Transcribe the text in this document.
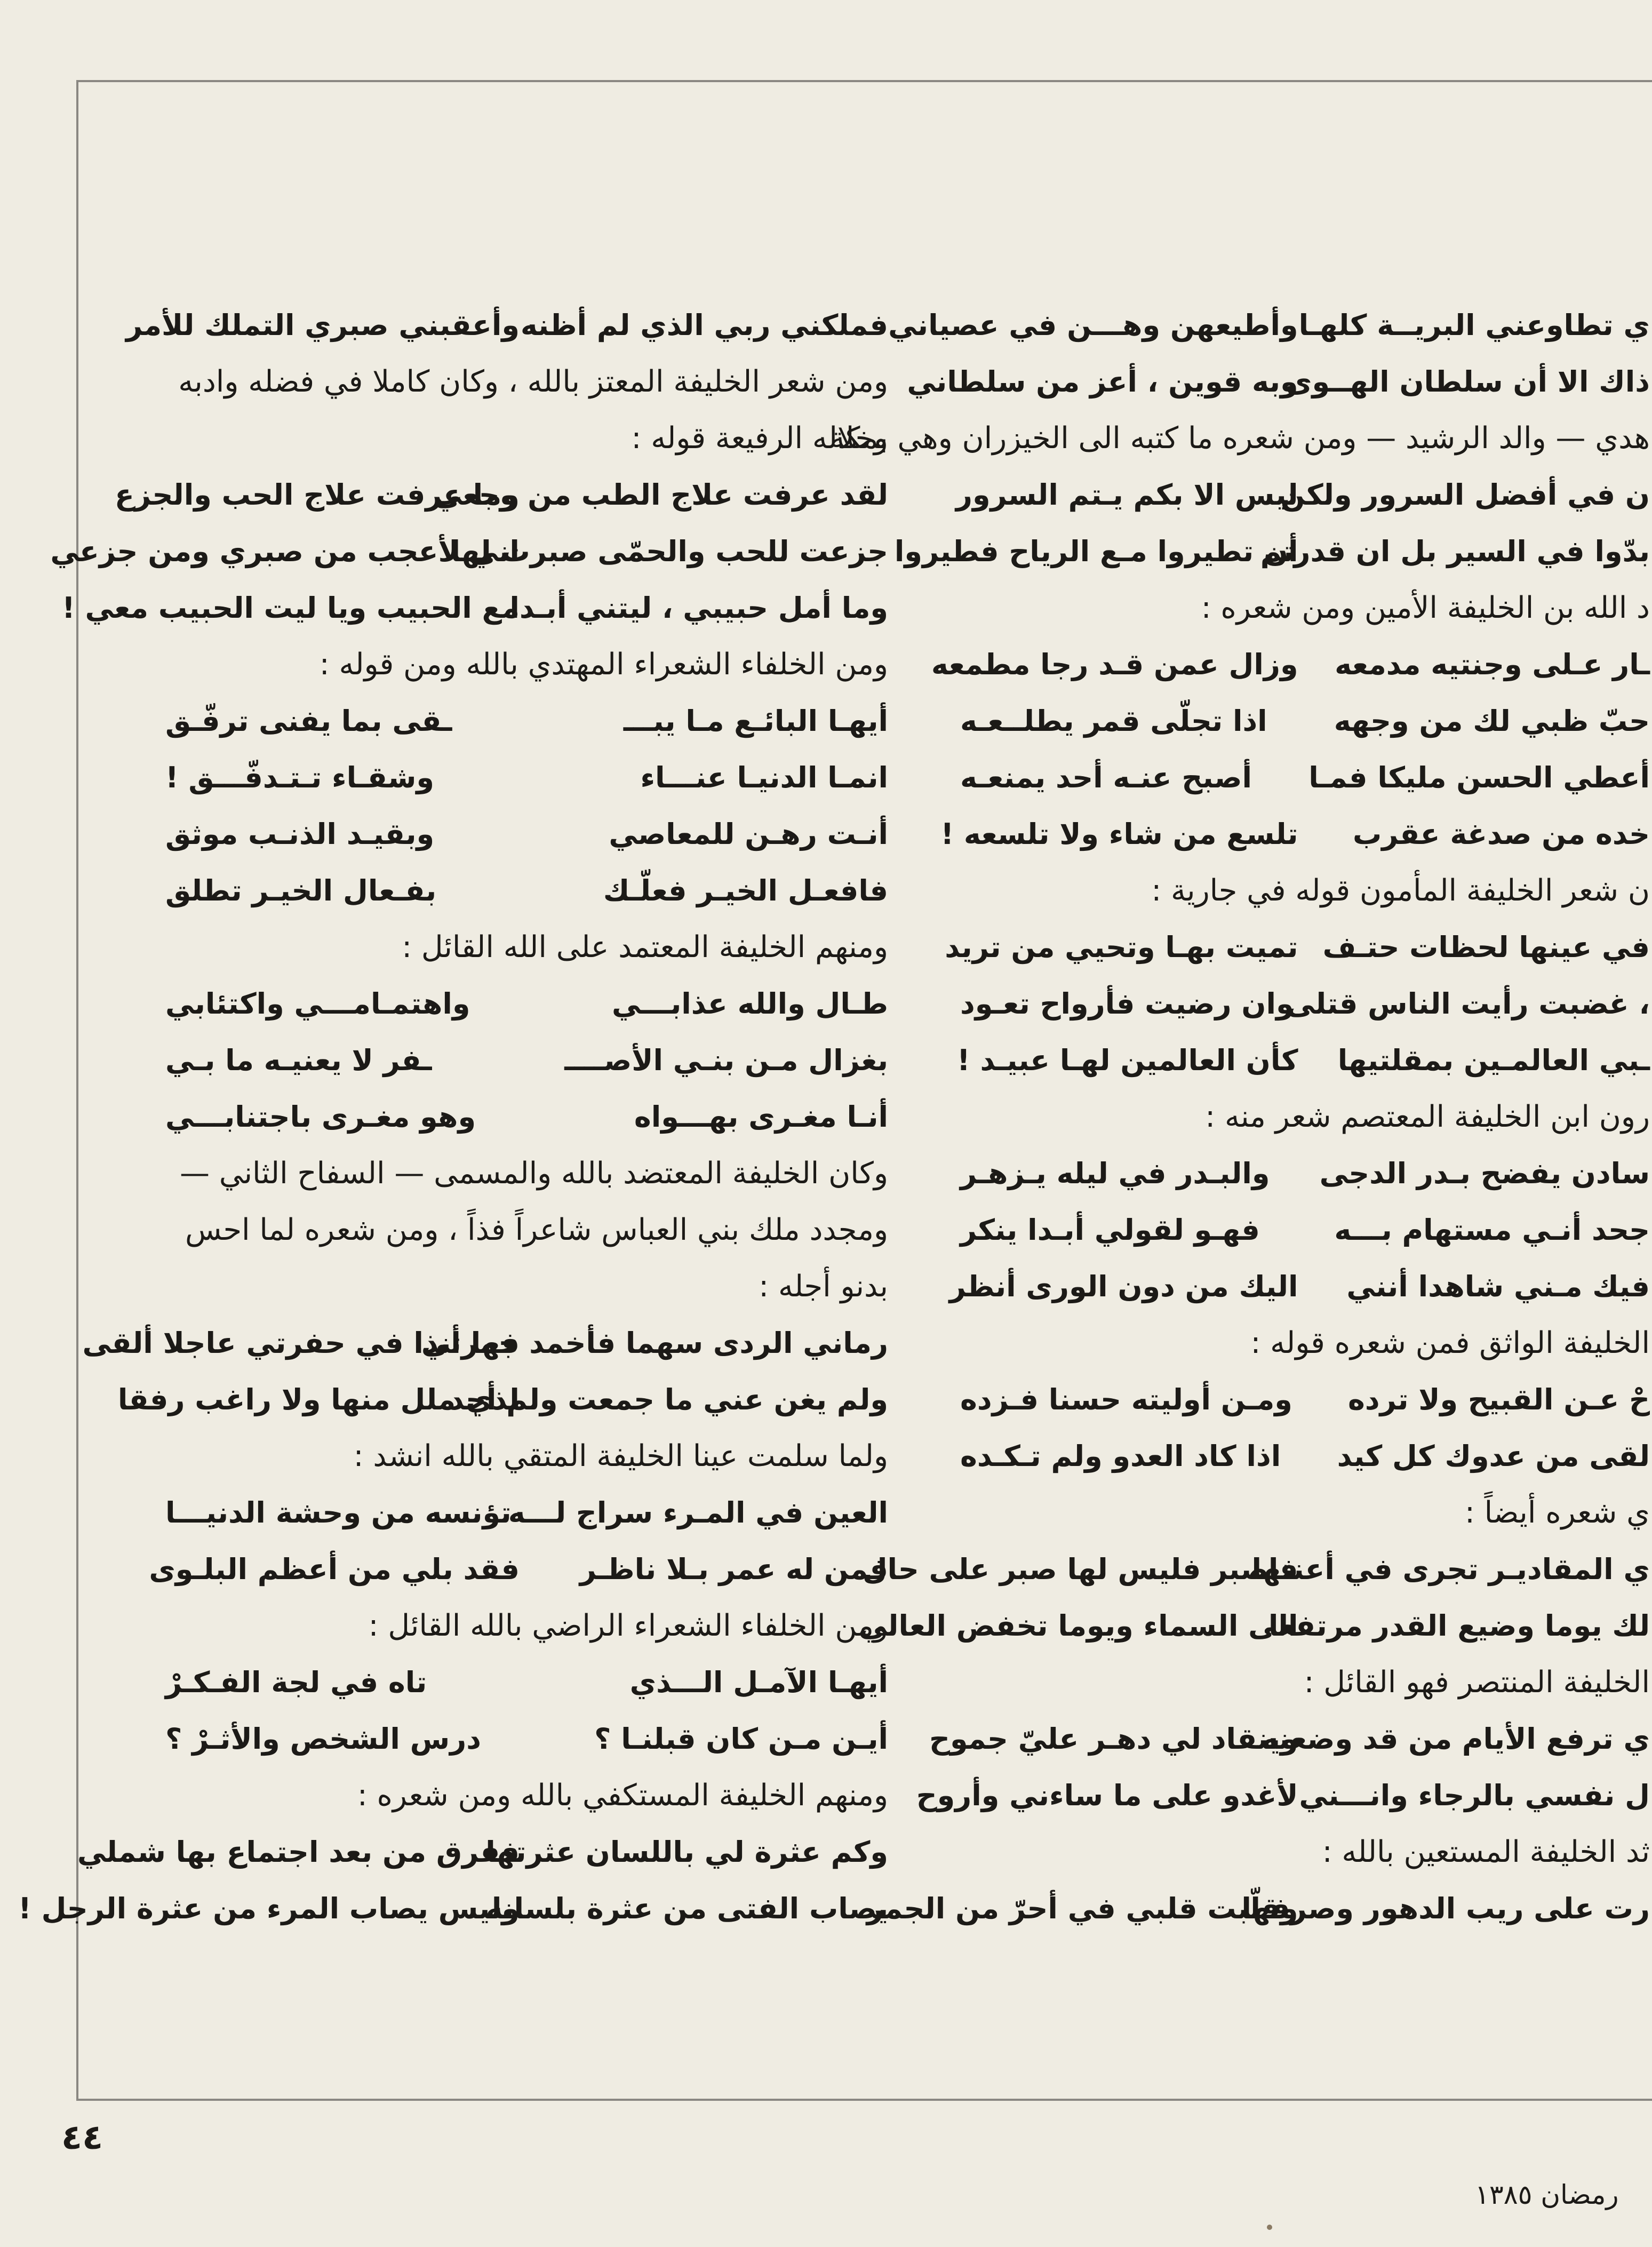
فملكني ربي الذي لم أظنه
وأعقبني صبري التملك للأمر
ومن شعر الخليفة المعتز بالله ، وكان كاملا في فضله وادبه
وخلاله الرفيعة قوله :
لقد عرفت علاج الطب من وجعي
وما عرفت علاج الحب والجزع
جزعت للحب والحمّى صبرت لها
اني لأعجب من صبري ومن جزعي
وما أمل حبيبي ، ليتني أبـدا
مع الحبيب ويا ليت الحبيب معي !
ومن الخلفاء الشعراء المهتدي بالله ومن قوله :
أيهـا البائـع مـا يبـــ
ـقى بما يفنى ترفّـق
انمـا الدنيـا عنـــاء
وشقـاء تـتـدفّـــق !
أنـت رهـن للمعاصي
وبقيـد الذنـب موثق
فافعـل الخيـر فعلّـك
بفـعال الخيـر تطلق
ومنهم الخليفة المعتمد على الله القائل :
طـال والله عذابـــي
واهتمـامـــي واكتئابي
بغزال مـن بنـي الأصــــ
ـفر لا يعنيـه ما بـي
أنـا مغـرى بهـــواه
وهو مغـرى باجتنابـــي
وكان الخليفة المعتضد بالله والمسمى — السفاح الثاني —
ومجدد ملك بني العباس شاعراً فذاً ، ومن شعره لما احس
بدنو أجله :
رماني الردى سهما فأخمد جمرتي
فها أنذا في حفرتي عاجلا ألقى
ولم يغن عني ما جمعت ولم أجد
لذي ملل منها ولا راغب رفقا
ولما سلمت عينا الخليفة المتقي بالله انشد :
العين في المـرء سراج لـــه
تؤنسه من وحشة الدنيـــا
فمن له عمر بـلا ناظـر
فقد بلي من أعظم البلـوى
ومن الخلفاء الشعراء الراضي بالله القائل :
أيهـا الآمـل الـــذي
تاه في لجة الفـكـرْ
أيـن مـن كان قبلنـا ؟
درس الشخص والأثـرْ ؟
ومنهم الخليفة المستكفي بالله ومن شعره :
وكم عثرة لي باللسان عثرتها
ففرق من بعد اجتماع بها شملي
يصاب الفتى من عثرة بلسانه
وليس يصاب المرء من عثرة الرجل !
ي تطاوعني البريــة كلهـا
وأطيعهن وهـــن في عصياني
ذاك الا أن سلطان الهــوى
وبه قوين ، أعز من سلطاني
هدي — والد الرشيد — ومن شعره ما كتبه الى الخيزران وهي بمكة
ن في أفضل السرور ولكن
ليس الا بكم يـتم السرور
بدّوا في السير بل ان قدرتم
أن تطيروا مـع الرياح فطيروا
د الله بن الخليفة الأمين ومن شعره :
ـار عـلى وجنتيه مدمعه
وزال عمن قـد رجا مطمعه
حبّ ظبي لك من وجهه
اذا تجلّى قمر يطلــعـه
أعطي الحسن مليكا فمـا
أصبح عنـه أحد يمنعـه
خده من صدغة عقرب
تلسع من شاء ولا تلسعه !
ن شعر الخليفة المأمون قوله في جارية :
في عينها لحظات حتـف
تميت بهـا وتحيي من تريد
، غضبت رأيت الناس قتلى
وان رضيت فأرواح تعـود
ـبي العالمـين بمقلتيها
كأن العالمين لهـا عبيـد !
رون ابن الخليفة المعتصم شعر منه :
سادن يفضح بـدر الدجى
والبـدر في ليله يـزهـر
جحد أنـي مستهام بـــه
فهـو لقولي أبـدا ينكر
فيك مـني شاهدا أنني
اليك من دون الورى أنظر
الخليفة الواثق فمن شعره قوله :
حْ عـن القبيح ولا ترده
ومـن أوليته حسنا فـزده
لقى من عدوك كل كيد
اذا كاد العدو ولم تـكـده
ي شعره أيضاً :
ي المقاديـر تجرى في أعنتها
فاصبر فليس لها صبر على حال
لك يوما وضيع القدر مرتفعا
الى السماء ويوما تخفض العالي
الخليفة المنتصر فهو القائل :
ي ترفع الأيام من قد وضعنه
وينقاد لي دهـر عليّ جموح
ل نفسي بالرجاء وانـــني
لأغدو على ما ساءني وأروح
ثد الخليفة المستعين بالله :
رت على ريب الدهور وصرفها
وقلّبت قلبي في أحرّ من الجمر
٤٤
رمضان ١٣٨٥
